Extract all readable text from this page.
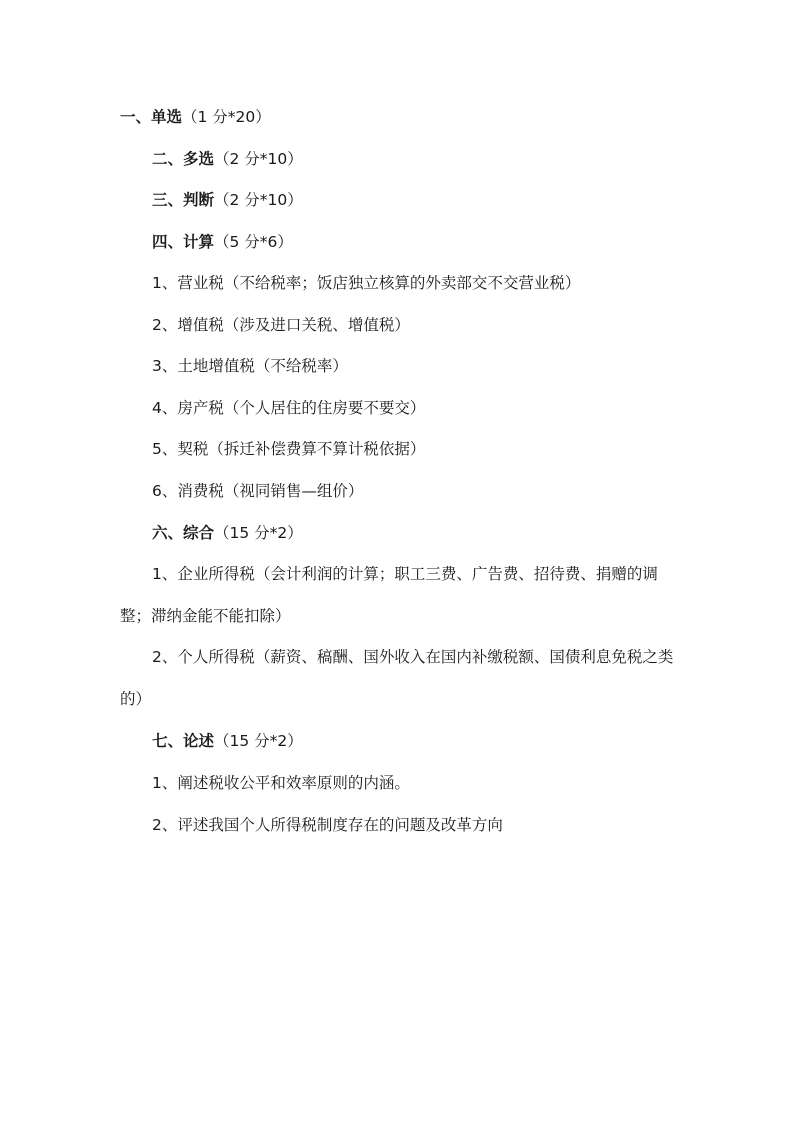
一、单选（1 分*20）
二、多选（2 分*10）
三、判断（2 分*10）
四、计算（5 分*6）
1、营业税（不给税率；饭店独立核算的外卖部交不交营业税）
2、增值税（涉及进口关税、增值税）
3、土地增值税（不给税率）
4、房产税（个人居住的住房要不要交）
5、契税（拆迁补偿费算不算计税依据）
6、消费税（视同销售—组价）
六、综合（15 分*2）
1、企业所得税（会计利润的计算；职工三费、广告费、招待费、捐赠的调整；滞纳金能不能扣除）
2、个人所得税（薪资、稿酬、国外收入在国内补缴税额、国债利息免税之类的）
七、论述（15 分*2）
1、阐述税收公平和效率原则的内涵。
2、评述我国个人所得税制度存在的问题及改革方向
